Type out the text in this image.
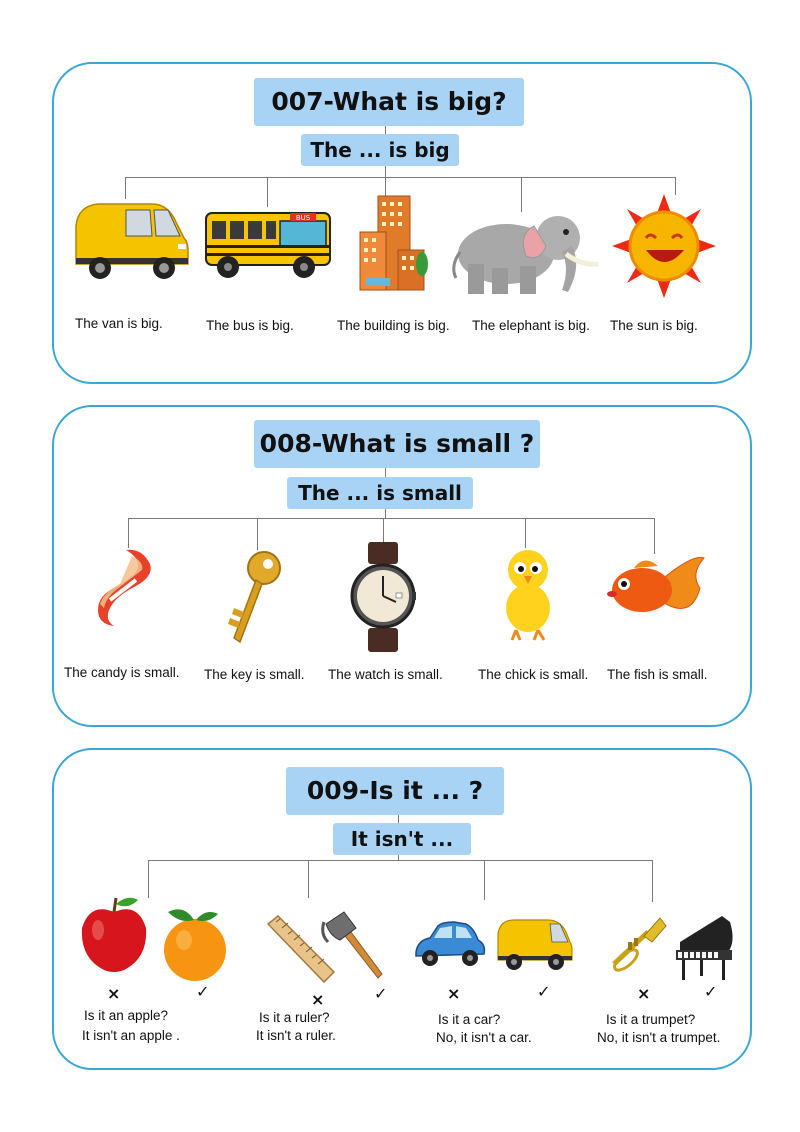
007-What is big?
The ... is big
BUS
The van is big.	The bus is big.	The building is big. The elephant is big. The sun is big.
008-What is small ?
The ... is small
The candy is small. The key is small. The watch is small.	The chick is small. The fish is small.
009-Is it ... ?
It isn't ...
×	✓	×	✓	×	✓	×	✓
Is it an apple?
It isn't an apple .
Is it a ruler?
It isn't a ruler.
Is it a car?
No, it isn't a car.
Is it a trumpet?
No, it isn't a trumpet.
